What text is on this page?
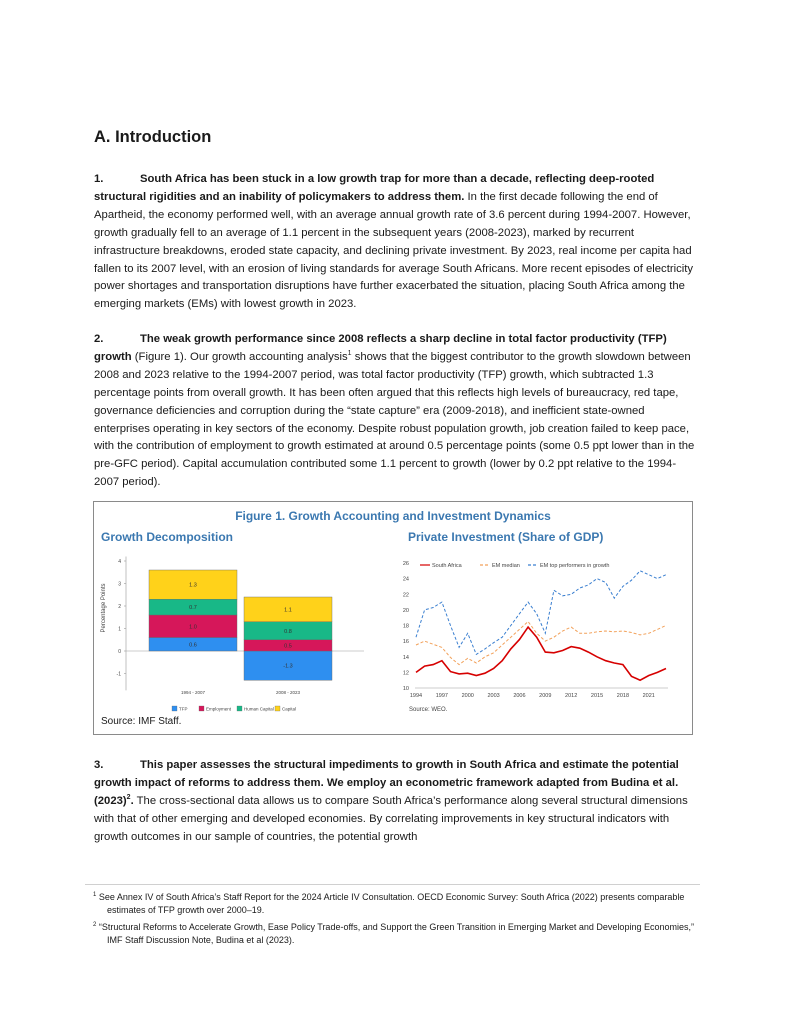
A. Introduction

1.	South Africa has been stuck in a low growth trap for more than a decade, reflecting deep-rooted structural rigidities and an inability of policymakers to address them. In the first decade following the end of Apartheid, the economy performed well, with an average annual growth rate of 3.6 percent during 1994-2007. However, growth gradually fell to an average of 1.1 percent in the subsequent years (2008-2023), marked by recurrent infrastructure breakdowns, eroded state capacity, and declining private investment. By 2023, real income per capita had fallen to its 2007 level, with an erosion of living standards for average South Africans. More recent episodes of electricity power shortages and transportation disruptions have further exacerbated the situation, placing South Africa among the emerging markets (EMs) with lowest growth in 2023.

2.	The weak growth performance since 2008 reflects a sharp decline in total factor productivity (TFP) growth (Figure 1). Our growth accounting analysis$^1$ shows that the biggest contributor to the growth slowdown between 2008 and 2023 relative to the 1994-2007 period, was total factor productivity (TFP) growth, which subtracted 1.3 percentage points from overall growth. It has been often argued that this reflects high levels of bureaucracy, red tape, governance deficiencies and corruption during the “state capture” era (2009-2018), and inefficient state-owned enterprises operating in key sectors of the economy. Despite robust population growth, job creation failed to keep pace, with the contribution of employment to growth estimated at around 0.5 percentage points (some 0.5 ppt lower than in the pre-GFC period). Capital accumulation contributed some 1.1 percent to growth (lower by 0.2 ppt relative to the 1994-2007 period).

Figure 1. Growth Accounting and Investment Dynamics
Growth Decomposition	Private Investment (Share of GDP)
4
3
2
1
0
-1
Percentage Points
0.6
1.0
0.7
1.3
1994 - 2007
-1.3
0.5
0.8
1.1
2008 - 2023
TFP	Employment	Human Capital Capital
26
24
22
20
18
16
14
12
10
1994 1997 2000 2003 2006 2009 2012 2015 2018 2021
South Africa	EM median	EM top performers in growth
Source: WEO.
Source: IMF Staff.

3.	This paper assesses the structural impediments to growth in South Africa and estimate the potential growth impact of reforms to address them. We employ an econometric framework adapted from Budina et al. $(2023)^2$. The cross-sectional data allows us to compare South Africa’s performance along several structural dimensions with that of other emerging and developed economies. By correlating improvements in key structural indicators with growth outcomes in our sample of countries, the potential growth

$^1$ See Annex IV of South Africa’s Staff Report for the 2024 Article IV Consultation. OECD Economic Survey: South Africa (2022) presents comparable estimates of TFP growth over 2000–19.

$^2$ “Structural Reforms to Accelerate Growth, Ease Policy Trade-offs, and Support the Green Transition in Emerging Market and Developing Economies,” IMF Staff Discussion Note, Budina et al (2023).
